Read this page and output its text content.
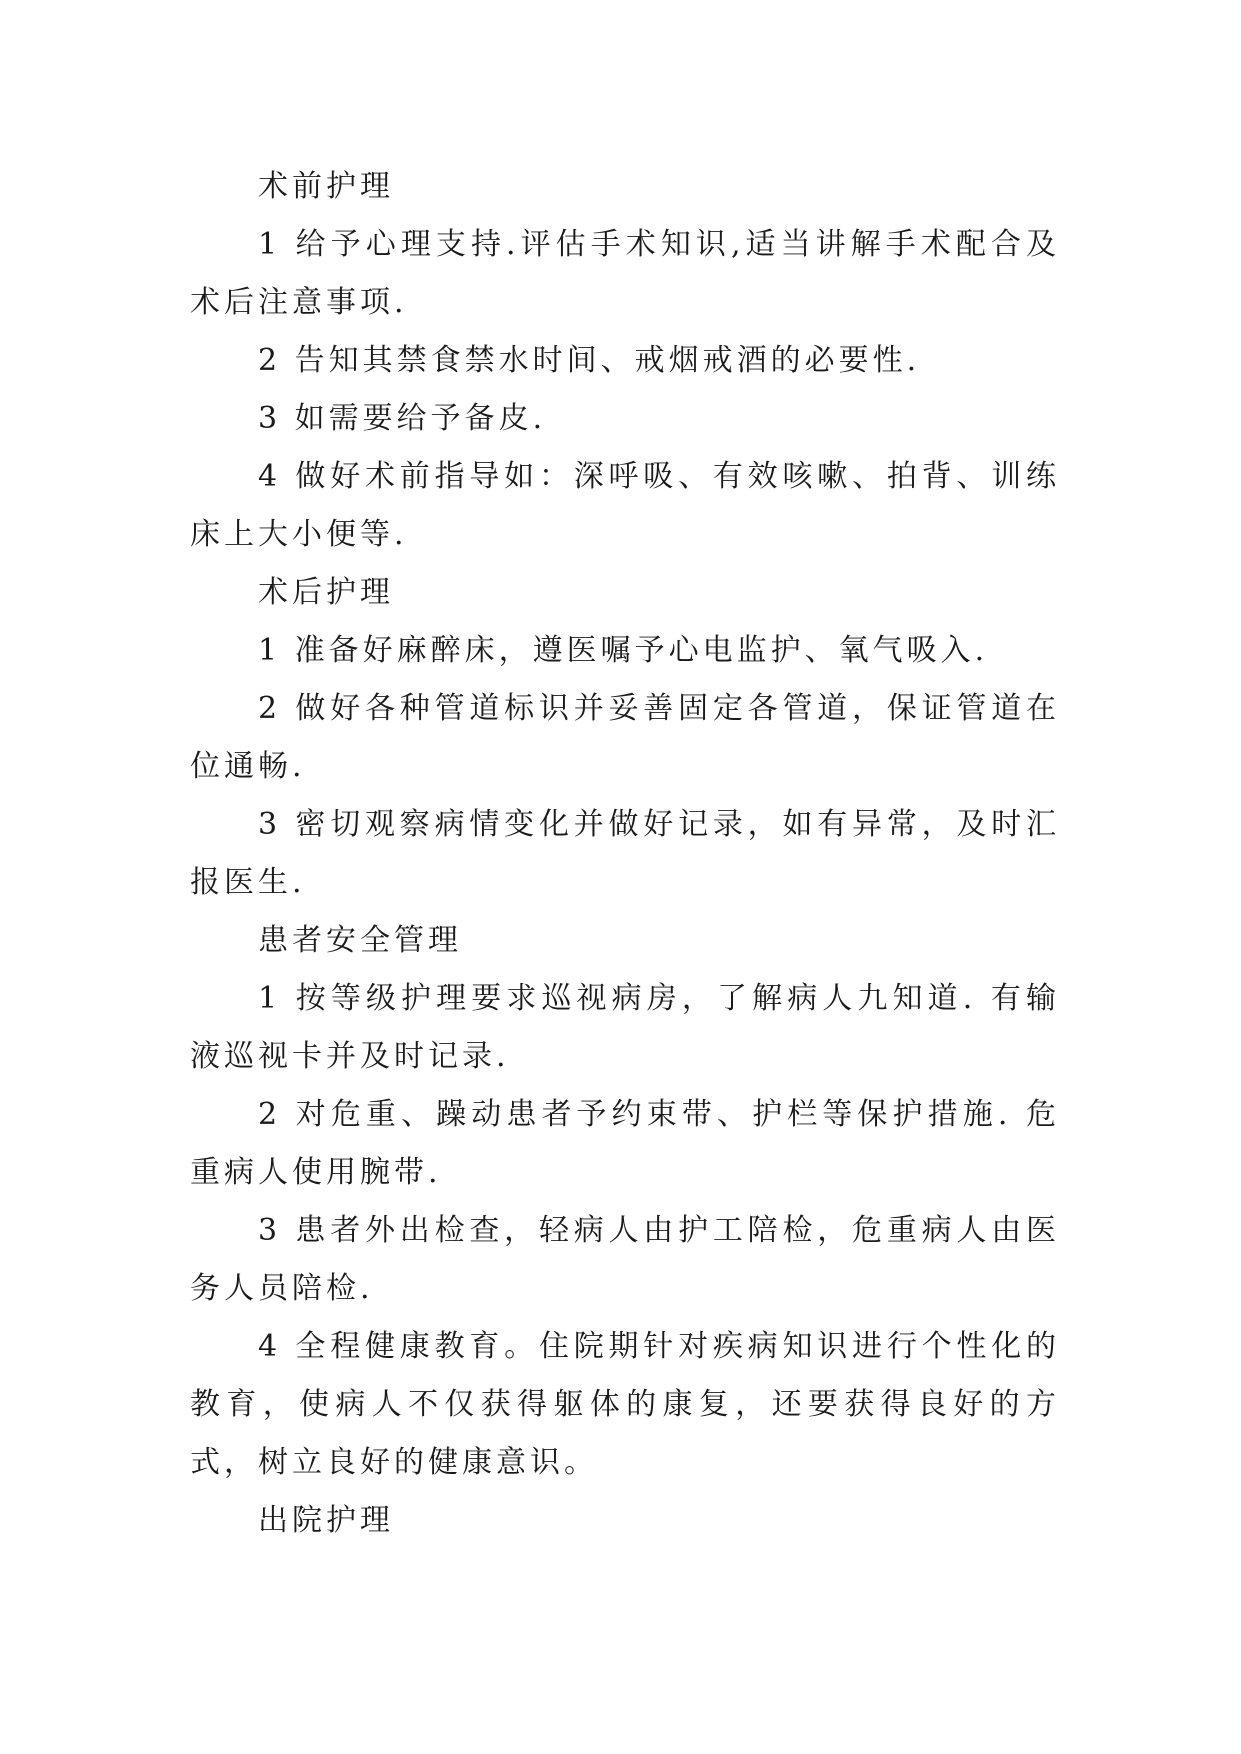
术前护理

1 给予心理支持.评估手术知识,适当讲解手术配合及术后注意事项.

2 告知其禁食禁水时间、戒烟戒酒的必要性.

3 如需要给予备皮.

4 做好术前指导如：深呼吸、有效咳嗽、拍背、训练床上大小便等.

术后护理

1 准备好麻醉床，遵医嘱予心电监护、氧气吸入.

2 做好各种管道标识并妥善固定各管道，保证管道在位通畅.

3 密切观察病情变化并做好记录，如有异常，及时汇报医生.

患者安全管理

1 按等级护理要求巡视病房，了解病人九知道. 有输液巡视卡并及时记录.

2 对危重、躁动患者予约束带、护栏等保护措施. 危重病人使用腕带.

3 患者外出检查，轻病人由护工陪检，危重病人由医务人员陪检.

4 全程健康教育。住院期针对疾病知识进行个性化的教育，使病人不仅获得躯体的康复，还要获得良好的方式，树立良好的健康意识。

出院护理
